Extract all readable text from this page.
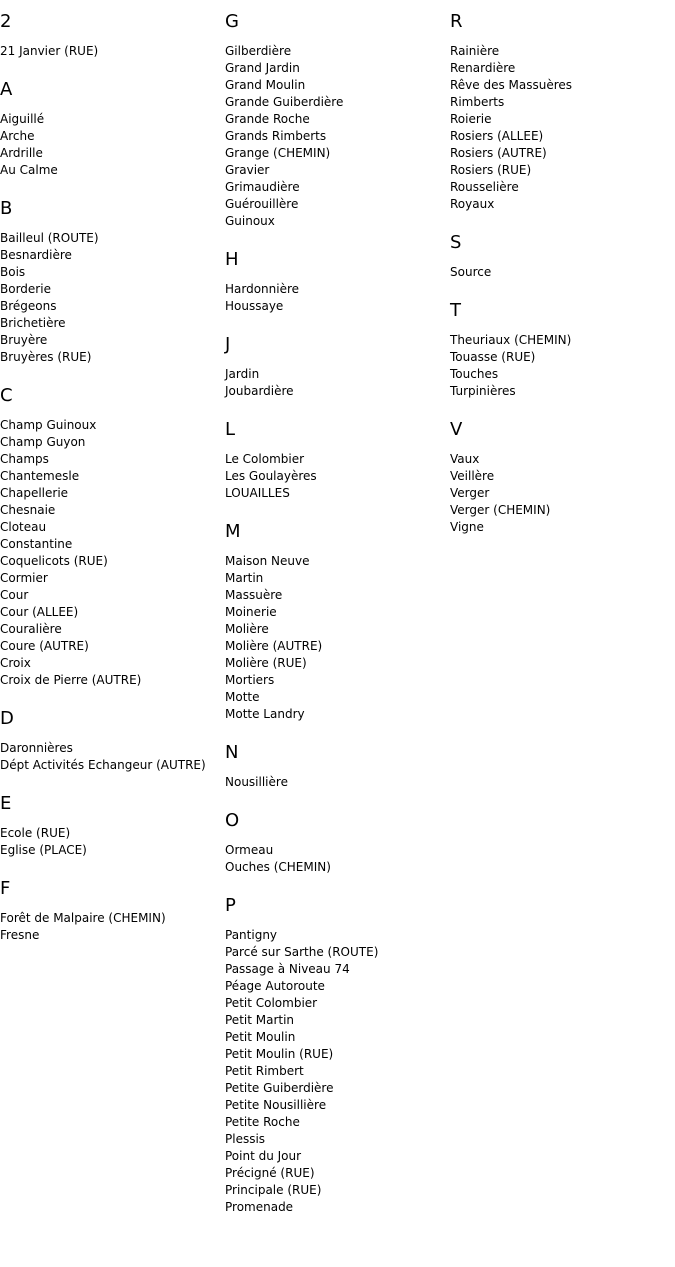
2
21 Janvier (RUE)
A
Aiguillé
Arche
Ardrille
Au Calme
B
Bailleul (ROUTE)
Besnardière
Bois
Borderie
Brégeons
Brichetière
Bruyère
Bruyères (RUE)
C
Champ Guinoux
Champ Guyon
Champs
Chantemesle
Chapellerie
Chesnaie
Cloteau
Constantine
Coquelicots (RUE)
Cormier
Cour
Cour (ALLEE)
Couralière
Coure (AUTRE)
Croix
Croix de Pierre (AUTRE)
D
Daronnières
Dépt Activités Echangeur (AUTRE)
E
Ecole (RUE)
Eglise (PLACE)
F
Forêt de Malpaire (CHEMIN)
Fresne
G
Gilberdière
Grand Jardin
Grand Moulin
Grande Guiberdière
Grande Roche
Grands Rimberts
Grange (CHEMIN)
Gravier
Grimaudière
Guérouillère
Guinoux
H
Hardonnière
Houssaye
J
Jardin
Joubardière
L
Le Colombier
Les Goulayères
LOUAILLES
M
Maison Neuve
Martin
Massuère
Moinerie
Molière
Molière (AUTRE)
Molière (RUE)
Mortiers
Motte
Motte Landry
N
Nousillière
O
Ormeau
Ouches (CHEMIN)
P
Pantigny
Parcé sur Sarthe (ROUTE)
Passage à Niveau 74
Péage Autoroute
Petit Colombier
Petit Martin
Petit Moulin
Petit Moulin (RUE)
Petit Rimbert
Petite Guiberdière
Petite Nousillière
Petite Roche
Plessis
Point du Jour
Précigné (RUE)
Principale (RUE)
Promenade
R
Rainière
Renardière
Rêve des Massuères
Rimberts
Roierie
Rosiers (ALLEE)
Rosiers (AUTRE)
Rosiers (RUE)
Rousselière
Royaux
S
Source
T
Theuriaux (CHEMIN)
Touasse (RUE)
Touches
Turpinières
V
Vaux
Veillère
Verger
Verger (CHEMIN)
Vigne
